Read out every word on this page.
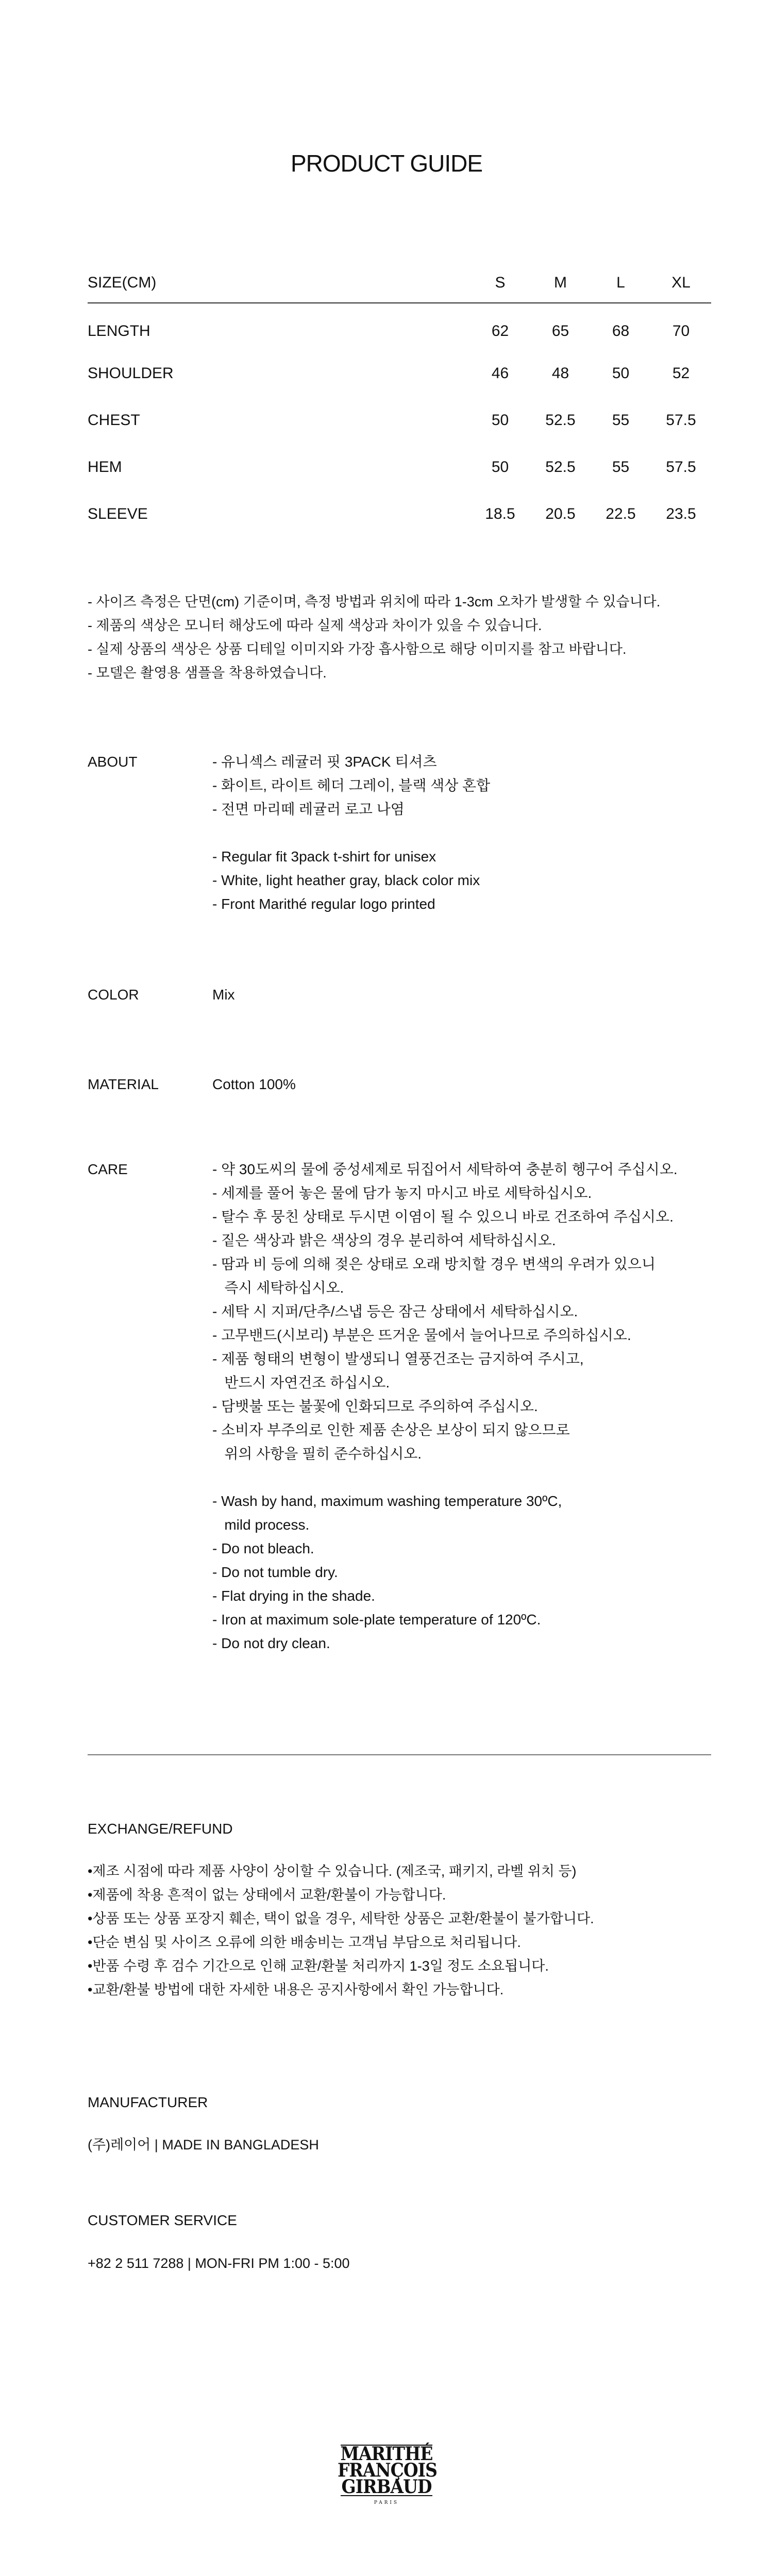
PRODUCT GUIDE
SIZE(CM)	S	M	L	XL
LENGTH	62	65	68	70
SHOULDER	46	48	50	52
CHEST	50	52.5	55	57.5
HEM	50	52.5	55	57.5
SLEEVE	18.5	20.5	22.5	23.5
- 사이즈 측정은 단면(cm) 기준이며, 측정 방법과 위치에 따라 1-3cm 오차가 발생할 수 있습니다.
- 제품의 색상은 모니터 해상도에 따라 실제 색상과 차이가 있을 수 있습니다.
- 실제 상품의 색상은 상품 디테일 이미지와 가장 흡사함으로 해당 이미지를 참고 바랍니다.
- 모델은 촬영용 샘플을 착용하였습니다.
ABOUT	- 유니섹스 레귤러 핏 3PACK 티셔츠
- 화이트, 라이트 헤더 그레이, 블랙 색상 혼합
- 전면 마리떼 레귤러 로고 나염
- Regular fit 3pack t-shirt for unisex
- White, light heather gray, black color mix
- Front Marithé regular logo printed
COLOR	Mix
MATERIAL	Cotton 100%
CARE	- 약 30도씨의 물에 중성세제로 뒤집어서 세탁하여 충분히 헹구어 주십시오.
- 세제를 풀어 놓은 물에 담가 놓지 마시고 바로 세탁하십시오.
- 탈수 후 뭉친 상태로 두시면 이염이 될 수 있으니 바로 건조하여 주십시오.
- 짙은 색상과 밝은 색상의 경우 분리하여 세탁하십시오.
- 땀과 비 등에 의해 젖은 상태로 오래 방치할 경우 변색의 우려가 있으니
즉시 세탁하십시오.
- 세탁 시 지퍼/단추/스냅 등은 잠근 상태에서 세탁하십시오.
- 고무밴드(시보리) 부분은 뜨거운 물에서 늘어나므로 주의하십시오.
- 제품 형태의 변형이 발생되니 열풍건조는 금지하여 주시고,
반드시 자연건조 하십시오.
- 담뱃불 또는 불꽃에 인화되므로 주의하여 주십시오.
- 소비자 부주의로 인한 제품 손상은 보상이 되지 않으므로
위의 사항을 필히 준수하십시오.
- Wash by hand, maximum washing temperature 30ºC,
mild process.
- Do not bleach.
- Do not tumble dry.
- Flat drying in the shade.
- Iron at maximum sole-plate temperature of 120ºC.
- Do not dry clean.
EXCHANGE/REFUND
•제조 시점에 따라 제품 사양이 상이할 수 있습니다. (제조국, 패키지, 라벨 위치 등)
•제품에 착용 흔적이 없는 상태에서 교환/환불이 가능합니다.
•상품 또는 상품 포장지 훼손, 택이 없을 경우, 세탁한 상품은 교환/환불이 불가합니다.
•단순 변심 및 사이즈 오류에 의한 배송비는 고객님 부담으로 처리됩니다.
•반품 수령 후 검수 기간으로 인해 교환/환불 처리까지 1-3일 정도 소요됩니다.
•교환/환불 방법에 대한 자세한 내용은 공지사항에서 확인 가능합니다.
MANUFACTURER
(주)레이어 | MADE IN BANGLADESH
CUSTOMER SERVICE
+82 2 511 7288 | MON-FRI PM 1:00 - 5:00
MARITHÉ
FRANÇOIS
GIRBAUD
PARIS
